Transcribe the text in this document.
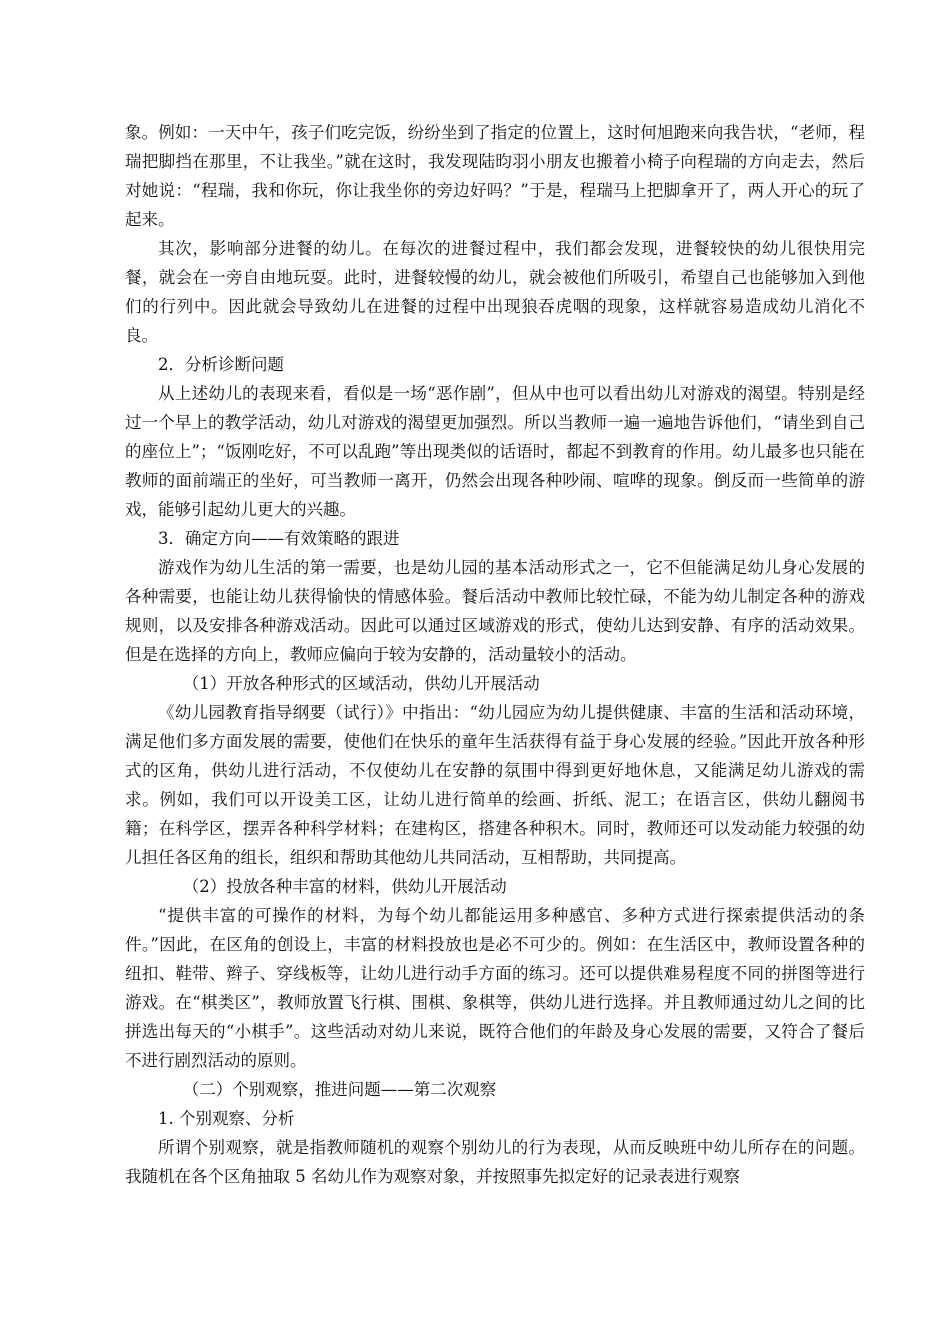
象。例如：一天中午，孩子们吃完饭，纷纷坐到了指定的位置上，这时何旭跑来向我告状，“老师，程瑞把脚挡在那里，不让我坐。”就在这时，我发现陆昀羽小朋友也搬着小椅子向程瑞的方向走去，然后对她说：“程瑞，我和你玩，你让我坐你的旁边好吗？”于是，程瑞马上把脚拿开了，两人开心的玩了起来。

其次，影响部分进餐的幼儿。在每次的进餐过程中，我们都会发现，进餐较快的幼儿很快用完餐，就会在一旁自由地玩耍。此时，进餐较慢的幼儿，就会被他们所吸引，希望自己也能够加入到他们的行列中。因此就会导致幼儿在进餐的过程中出现狼吞虎咽的现象，这样就容易造成幼儿消化不良。

2．分析诊断问题

从上述幼儿的表现来看，看似是一场“恶作剧”，但从中也可以看出幼儿对游戏的渴望。特别是经过一个早上的教学活动，幼儿对游戏的渴望更加强烈。所以当教师一遍一遍地告诉他们，“请坐到自己的座位上”；“饭刚吃好，不可以乱跑”等出现类似的话语时，都起不到教育的作用。幼儿最多也只能在教师的面前端正的坐好，可当教师一离开，仍然会出现各种吵闹、喧哗的现象。倒反而一些简单的游戏，能够引起幼儿更大的兴趣。

3．确定方向——有效策略的跟进

游戏作为幼儿生活的第一需要，也是幼儿园的基本活动形式之一，它不但能满足幼儿身心发展的各种需要，也能让幼儿获得愉快的情感体验。餐后活动中教师比较忙碌，不能为幼儿制定各种的游戏规则，以及安排各种游戏活动。因此可以通过区域游戏的形式，使幼儿达到安静、有序的活动效果。但是在选择的方向上，教师应偏向于较为安静的，活动量较小的活动。

（1）开放各种形式的区域活动，供幼儿开展活动

《幼儿园教育指导纲要（试行）》中指出：“幼儿园应为幼儿提供健康、丰富的生活和活动环境，满足他们多方面发展的需要，使他们在快乐的童年生活获得有益于身心发展的经验。”因此开放各种形式的区角，供幼儿进行活动，不仅使幼儿在安静的氛围中得到更好地休息，又能满足幼儿游戏的需求。例如，我们可以开设美工区，让幼儿进行简单的绘画、折纸、泥工；在语言区，供幼儿翻阅书籍；在科学区，摆弄各种科学材料；在建构区，搭建各种积木。同时，教师还可以发动能力较强的幼儿担任各区角的组长，组织和帮助其他幼儿共同活动，互相帮助，共同提高。

（2）投放各种丰富的材料，供幼儿开展活动

“提供丰富的可操作的材料，为每个幼儿都能运用多种感官、多种方式进行探索提供活动的条件。”因此，在区角的创设上，丰富的材料投放也是必不可少的。例如：在生活区中，教师设置各种的纽扣、鞋带、辫子、穿线板等，让幼儿进行动手方面的练习。还可以提供难易程度不同的拼图等进行游戏。在“棋类区”，教师放置飞行棋、围棋、象棋等，供幼儿进行选择。并且教师通过幼儿之间的比拼选出每天的“小棋手”。这些活动对幼儿来说，既符合他们的年龄及身心发展的需要，又符合了餐后不进行剧烈活动的原则。

（二）个别观察，推进问题——第二次观察

1. 个别观察、分析

所谓个别观察，就是指教师随机的观察个别幼儿的行为表现，从而反映班中幼儿所存在的问题。我随机在各个区角抽取 5 名幼儿作为观察对象，并按照事先拟定好的记录表进行观察
